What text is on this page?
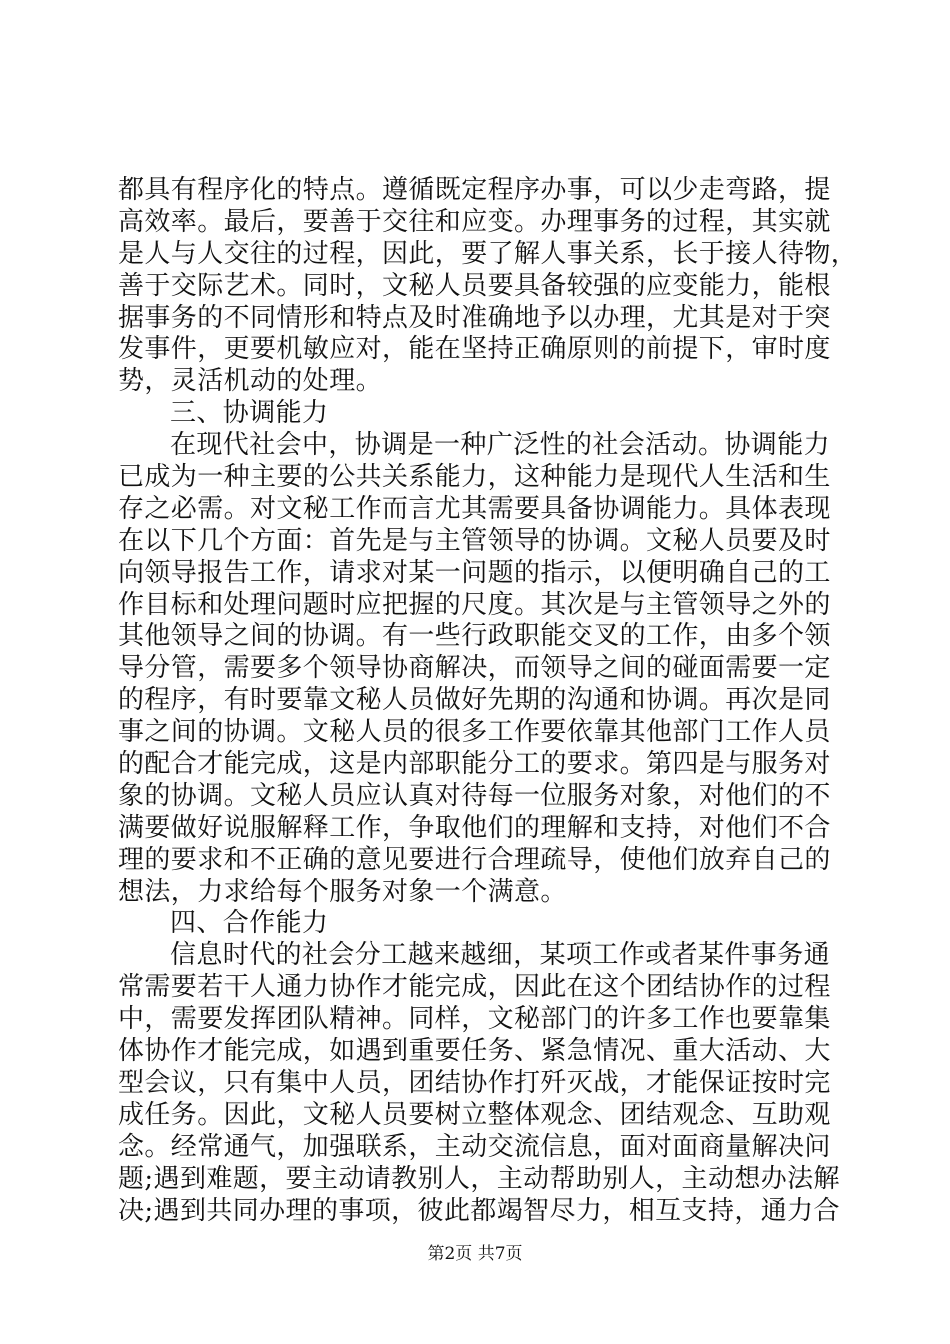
都具有程序化的特点。遵循既定程序办事，可以少走弯路，提
高效率。最后，要善于交往和应变。办理事务的过程，其实就
是人与人交往的过程，因此，要了解人事关系，长于接人待物，
善于交际艺术。同时，文秘人员要具备较强的应变能力，能根
据事务的不同情形和特点及时准确地予以办理，尤其是对于突
发事件，更要机敏应对，能在坚持正确原则的前提下，审时度
势，灵活机动的处理。
三、协调能力
在现代社会中，协调是一种广泛性的社会活动。协调能力
已成为一种主要的公共关系能力，这种能力是现代人生活和生
存之必需。对文秘工作而言尤其需要具备协调能力。具体表现
在以下几个方面：首先是与主管领导的协调。文秘人员要及时
向领导报告工作，请求对某一问题的指示，以便明确自己的工
作目标和处理问题时应把握的尺度。其次是与主管领导之外的
其他领导之间的协调。有一些行政职能交叉的工作，由多个领
导分管，需要多个领导协商解决，而领导之间的碰面需要一定
的程序，有时要靠文秘人员做好先期的沟通和协调。再次是同
事之间的协调。文秘人员的很多工作要依靠其他部门工作人员
的配合才能完成，这是内部职能分工的要求。第四是与服务对
象的协调。文秘人员应认真对待每一位服务对象，对他们的不
满要做好说服解释工作，争取他们的理解和支持，对他们不合
理的要求和不正确的意见要进行合理疏导，使他们放弃自己的
想法，力求给每个服务对象一个满意。
四、合作能力
信息时代的社会分工越来越细，某项工作或者某件事务通
常需要若干人通力协作才能完成，因此在这个团结协作的过程
中，需要发挥团队精神。同样，文秘部门的许多工作也要靠集
体协作才能完成，如遇到重要任务、紧急情况、重大活动、大
型会议，只有集中人员，团结协作打歼灭战，才能保证按时完
成任务。因此，文秘人员要树立整体观念、团结观念、互助观
念。经常通气，加强联系，主动交流信息，面对面商量解决问
题;遇到难题，要主动请教别人，主动帮助别人，主动想办法解
决;遇到共同办理的事项，彼此都竭智尽力，相互支持，通力合
第2页 共7页
